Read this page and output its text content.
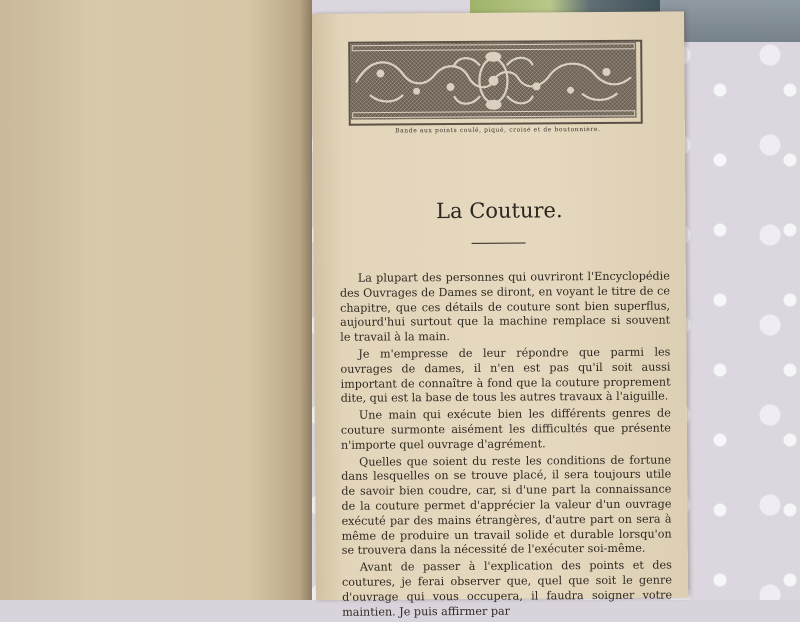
Bande aux points coulé, piqué, croisé et de boutonnière.
La Couture.

La plupart des personnes qui ouvriront l'Encyclopédie des Ouvrages de Dames se diront, en voyant le titre de ce chapitre, que ces détails de couture sont bien superflus, aujourd'hui surtout que la machine remplace si souvent le travail à la main.

Je m'empresse de leur répondre que parmi les ouvrages de dames, il n'en est pas qu'il soit aussi important de connaître à fond que la couture proprement dite, qui est la base de tous les autres travaux à l'aiguille.

Une main qui exécute bien les différents genres de couture surmonte aisément les difficultés que présente n'importe quel ouvrage d'agrément.

Quelles que soient du reste les conditions de fortune dans lesquelles on se trouve placé, il sera toujours utile de savoir bien coudre, car, si d'une part la connaissance de la couture permet d'apprécier la valeur d'un ouvrage exécuté par des mains étrangères, d'autre part on sera à même de produire un travail solide et durable lorsqu'on se trouvera dans la nécessité de l'exécuter soi-même.

Avant de passer à l'explication des points et des coutures, je ferai observer que, quel que soit le genre d'ouvrage qui vous occupera, il faudra soigner votre maintien. Je puis affirmer par
